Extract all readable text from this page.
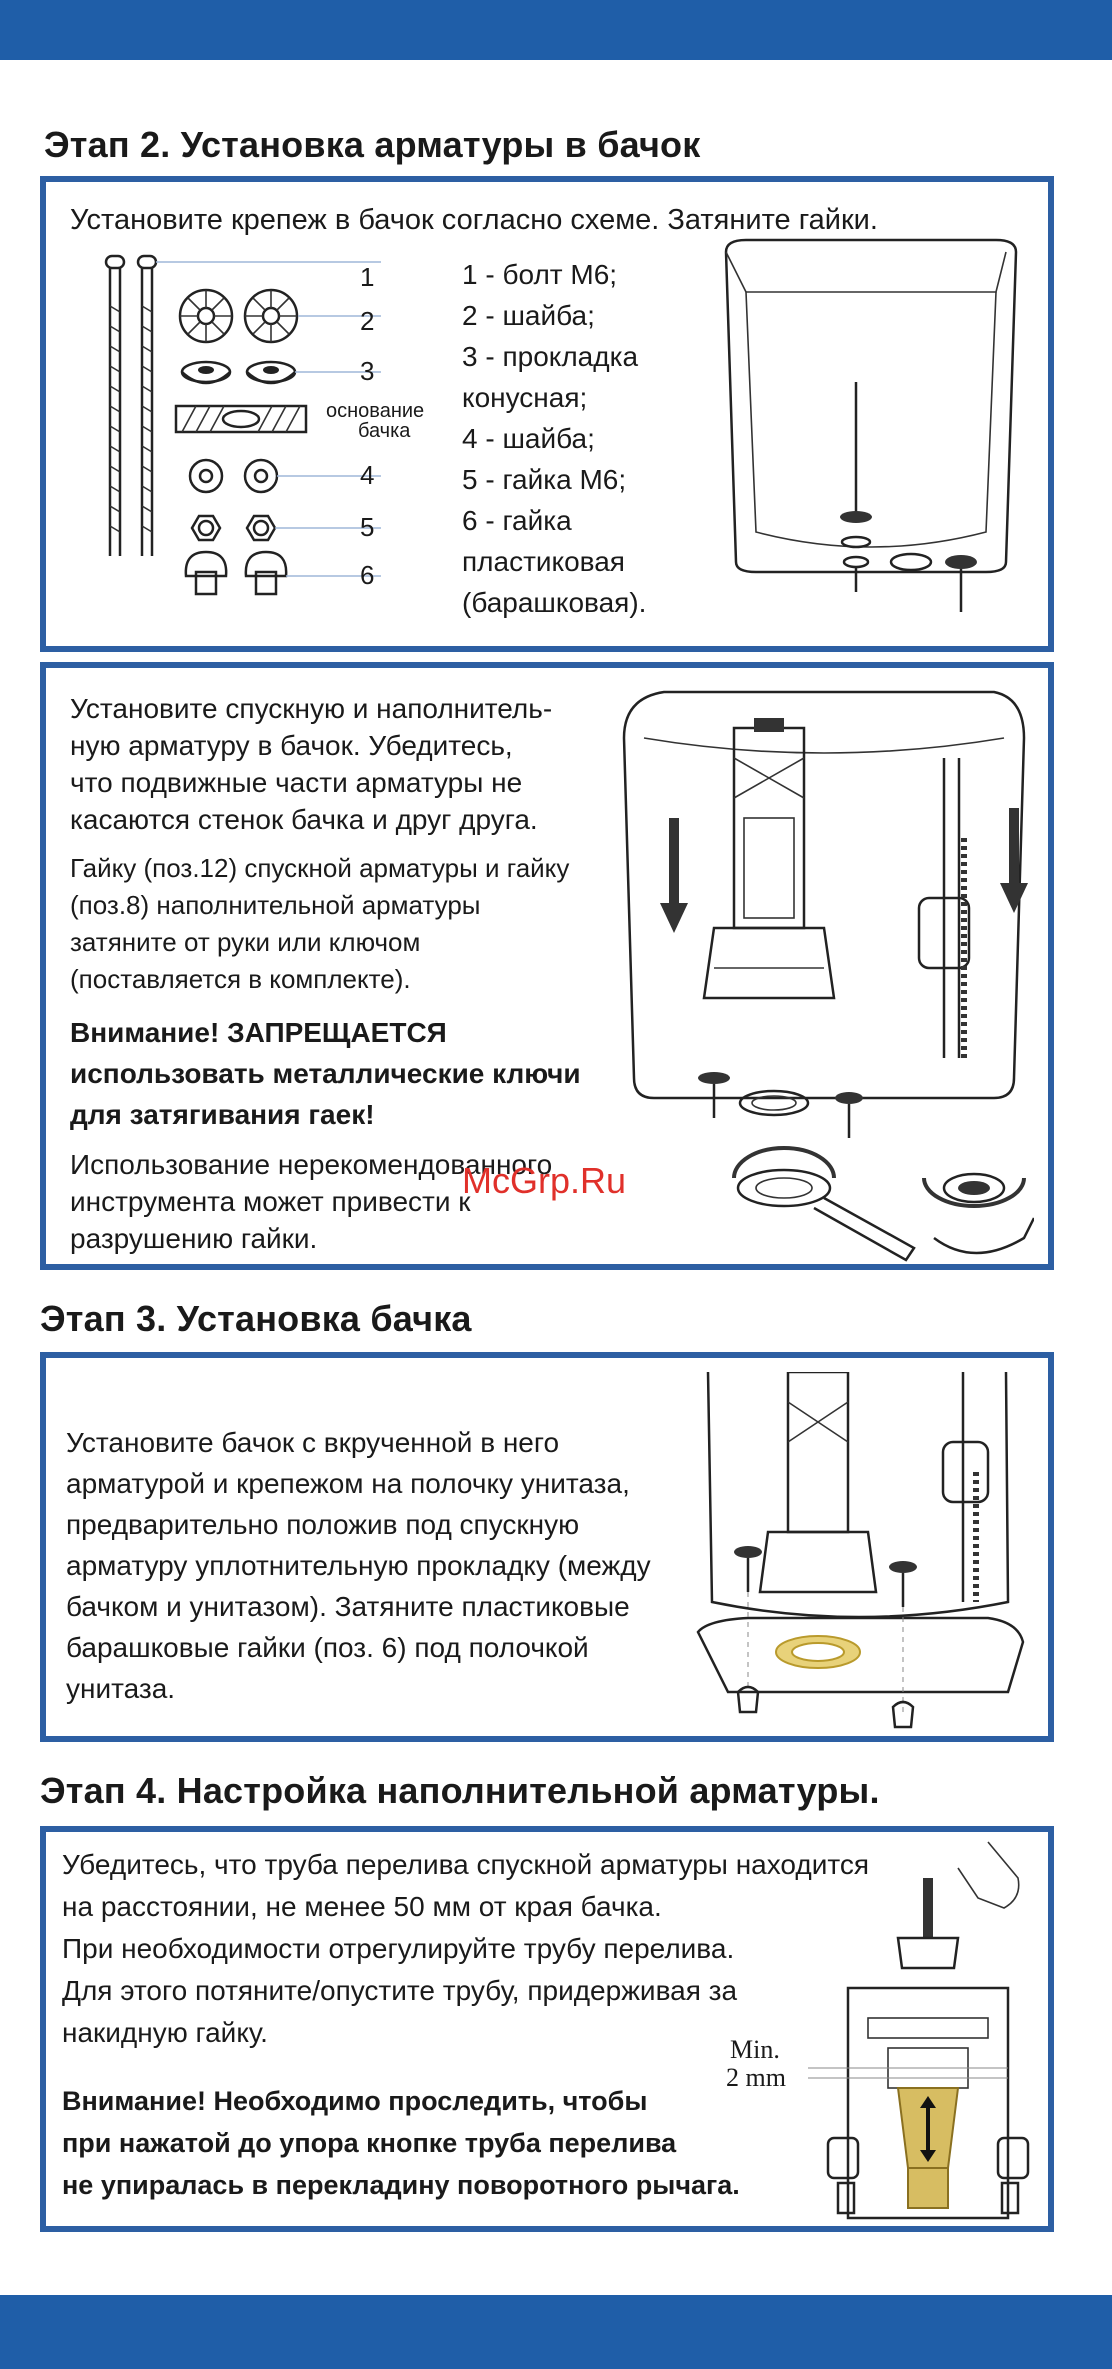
Этап 2. Установка арматуры в бачок
Установите крепеж в бачок согласно схеме. Затяните гайки.
1
2
3
4
5
6
основание
бачка

1 - болт М6;

2 - шайба;

3 - прокладка

конусная;

4 - шайба;

5 - гайка М6;

6 - гайка

пластиковая

(барашковая).

Установите спускную и наполнитель-

ную арматуру в бачок. Убедитесь,

что подвижные части арматуры не

касаются стенок бачка и друг друга.

Гайку (поз.12) спускной арматуры и гайку

(поз.8) наполнительной арматуры

затяните от руки или ключом

(поставляется в комплекте).

Внимание! ЗАПРЕЩАЕТСЯ

использовать металлические ключи

для затягивания гаек!

Использование нерекомендованного

инструмента может привести к

разрушению гайки.

McGrp.Ru
Этап 3. Установка бачка

Установите бачок с вкрученной в него

арматурой и крепежом на полочку унитаза,

предварительно положив под спускную

арматуру уплотнительную прокладку (между

бачком и унитазом). Затяните пластиковые

барашковые гайки (поз. 6) под полочкой

унитаза.

Этап 4. Настройка наполнительной арматуры.

Убедитесь, что труба перелива спускной арматуры находится

на расстоянии, не менее 50 мм от края бачка.

При необходимости отрегулируйте трубу перелива.

Для этого потяните/опустите трубу, придерживая за

накидную гайку.

Внимание! Необходимо проследить, чтобы

при нажатой до упора кнопке труба перелива

не упиралась в перекладину поворотного рычага.

Min.
2 mm
